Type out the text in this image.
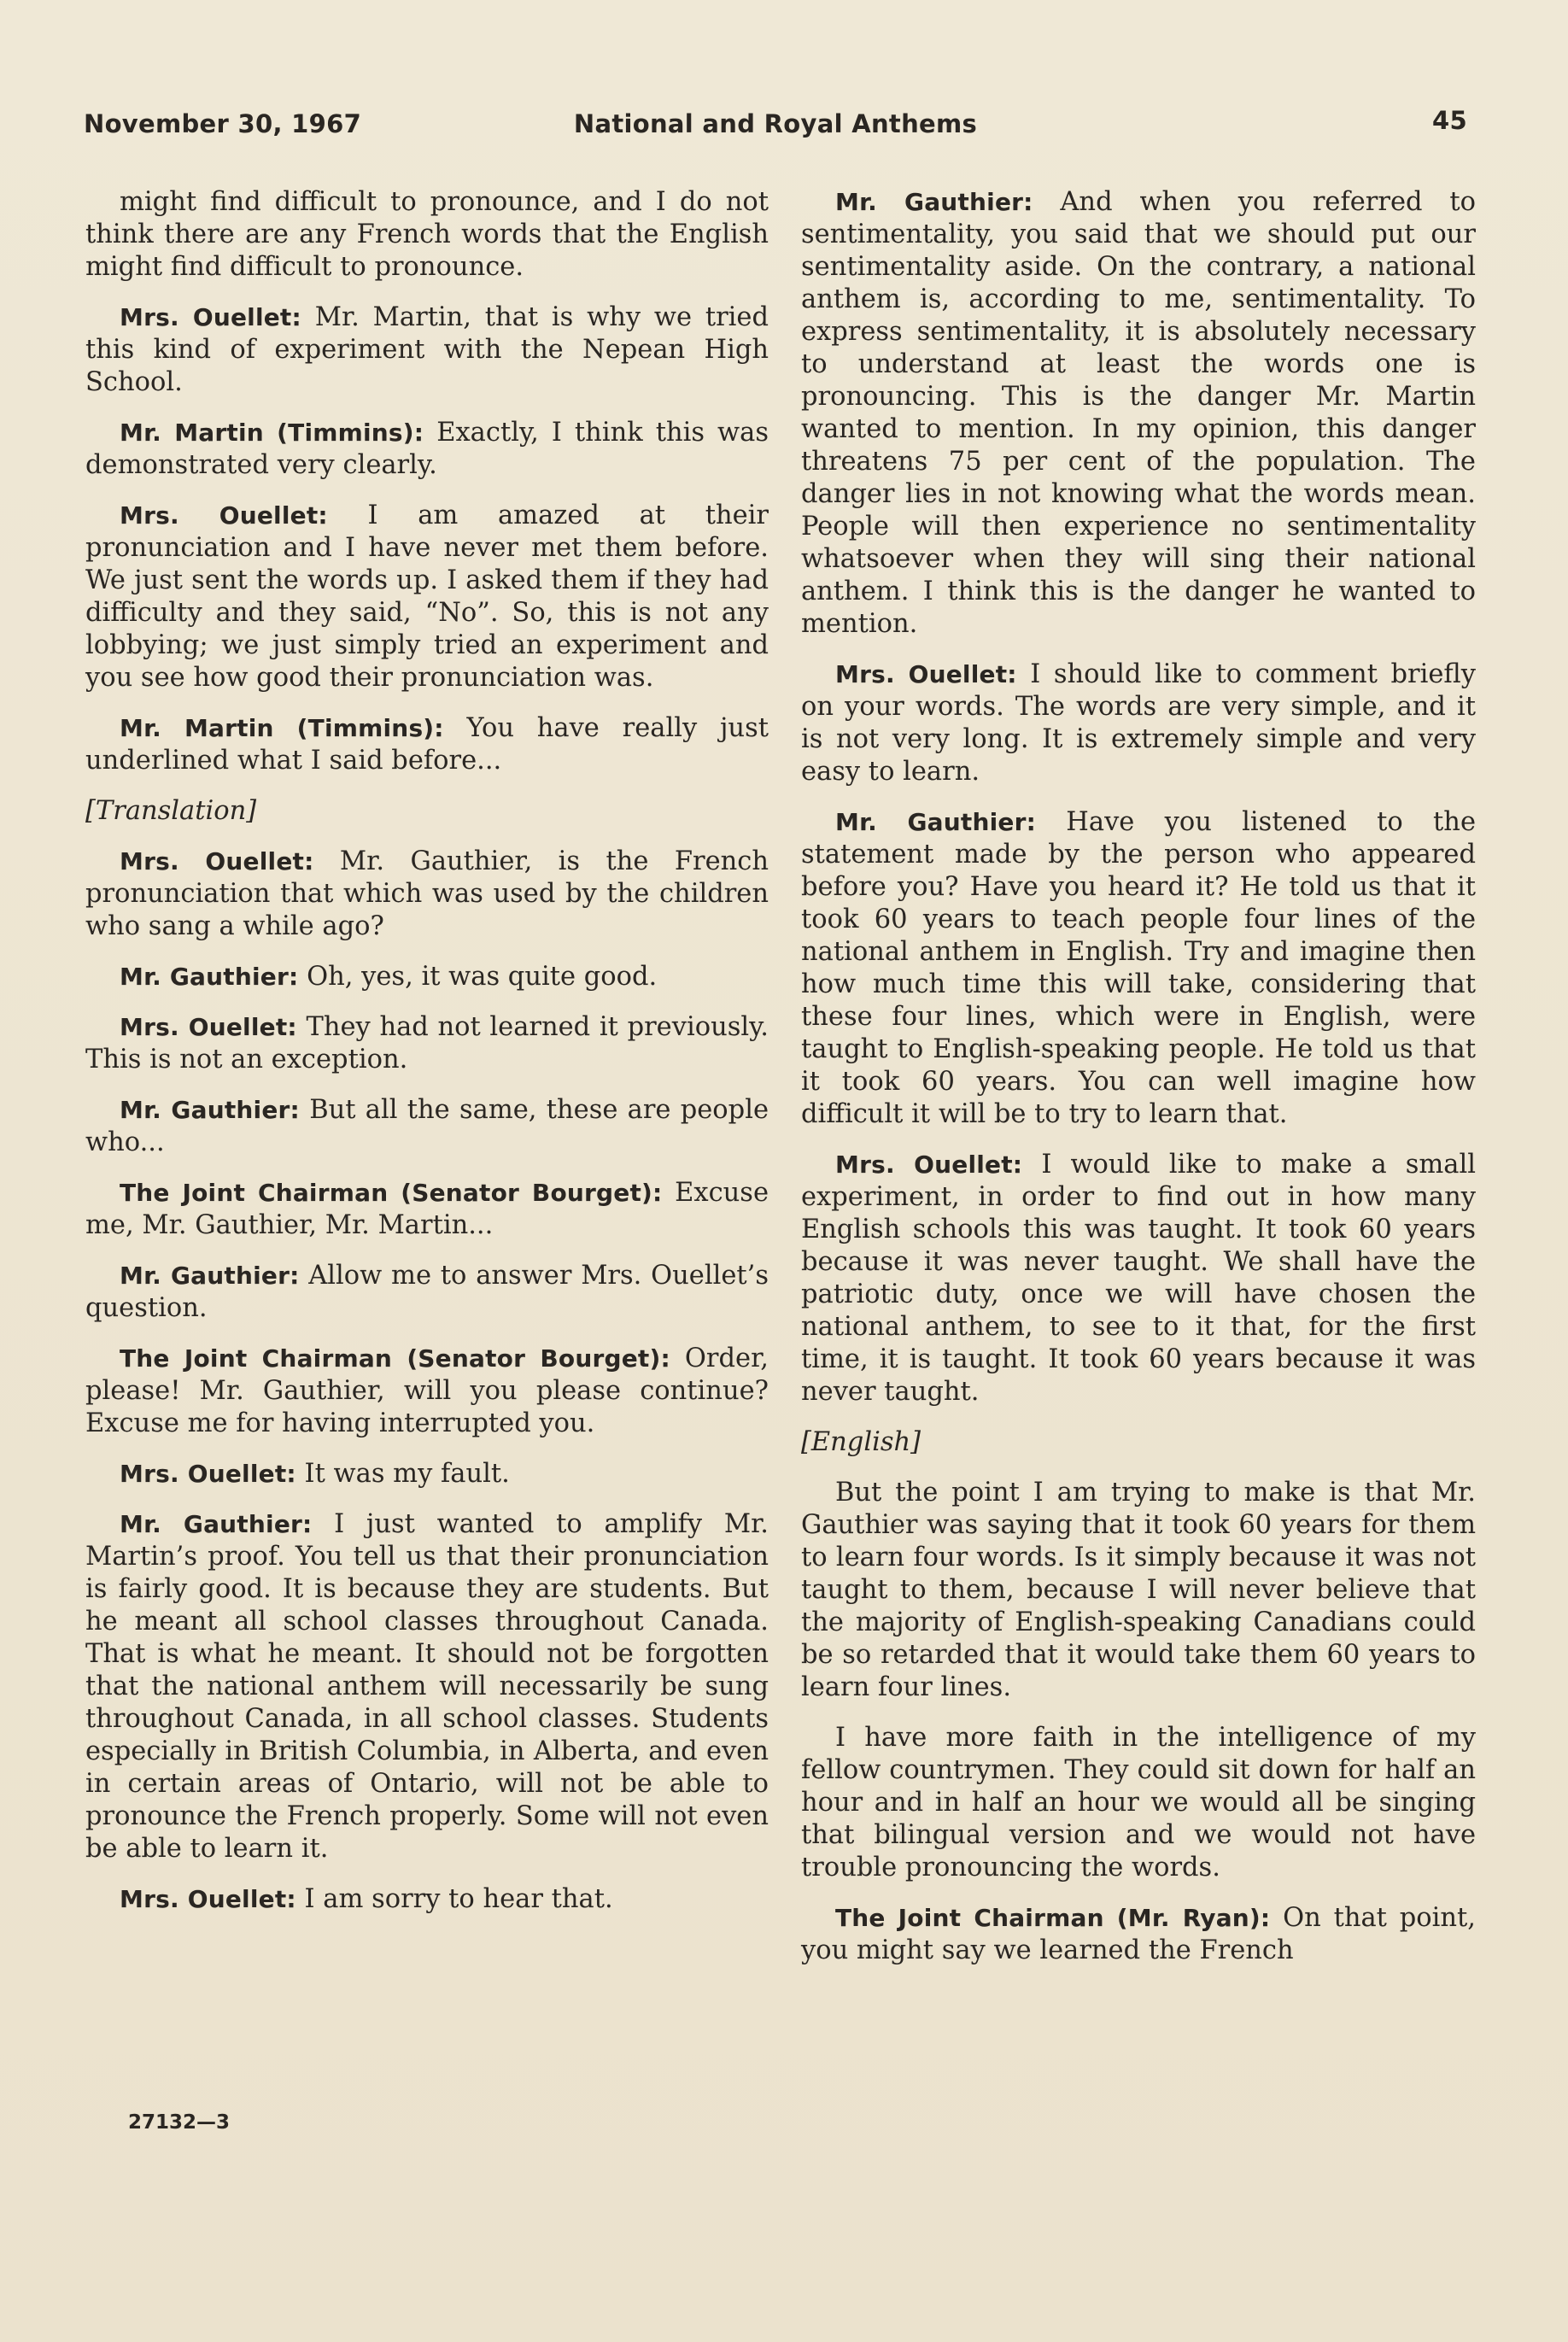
November 30, 1967	National and Royal Anthems	45

might find difficult to pronounce, and I do not think there are any French words that the English might find difficult to pronounce.

Mrs. Ouellet: Mr. Martin, that is why we tried this kind of experiment with the Nepean High School.

Mr. Martin (Timmins): Exactly, I think this was demonstrated very clearly.

Mrs. Ouellet: I am amazed at their pronunciation and I have never met them before. We just sent the words up. I asked them if they had difficulty and they said, “No”. So, this is not any lobbying; we just simply tried an experiment and you see how good their pronunciation was.

Mr. Martin (Timmins): You have really just underlined what I said before...

[Translation]

Mrs. Ouellet: Mr. Gauthier, is the French pronunciation that which was used by the children who sang a while ago?

Mr. Gauthier: Oh, yes, it was quite good.

Mrs. Ouellet: They had not learned it previously. This is not an exception.

Mr. Gauthier: But all the same, these are people who...

The Joint Chairman (Senator Bourget): Excuse me, Mr. Gauthier, Mr. Martin...

Mr. Gauthier: Allow me to answer Mrs. Ouellet’s question.

The Joint Chairman (Senator Bourget): Order, please! Mr. Gauthier, will you please continue? Excuse me for having interrupted you.

Mrs. Ouellet: It was my fault.

Mr. Gauthier: I just wanted to amplify Mr. Martin’s proof. You tell us that their pronunciation is fairly good. It is because they are students. But he meant all school classes throughout Canada. That is what he meant. It should not be forgotten that the national anthem will necessarily be sung throughout Canada, in all school classes. Students especially in British Columbia, in Alberta, and even in certain areas of Ontario, will not be able to pronounce the French properly. Some will not even be able to learn it.

Mrs. Ouellet: I am sorry to hear that.

Mr. Gauthier: And when you referred to sentimentality, you said that we should put our sentimentality aside. On the contrary, a national anthem is, according to me, sentimentality. To express sentimentality, it is absolutely necessary to understand at least the words one is pronouncing. This is the danger Mr. Martin wanted to mention. In my opinion, this danger threatens 75 per cent of the population. The danger lies in not knowing what the words mean. People will then experience no sentimentality whatsoever when they will sing their national anthem. I think this is the danger he wanted to mention.

Mrs. Ouellet: I should like to comment briefly on your words. The words are very simple, and it is not very long. It is extremely simple and very easy to learn.

Mr. Gauthier: Have you listened to the statement made by the person who appeared before you? Have you heard it? He told us that it took 60 years to teach people four lines of the national anthem in English. Try and imagine then how much time this will take, considering that these four lines, which were in English, were taught to English-speaking people. He told us that it took 60 years. You can well imagine how difficult it will be to try to learn that.

Mrs. Ouellet: I would like to make a small experiment, in order to find out in how many English schools this was taught. It took 60 years because it was never taught. We shall have the patriotic duty, once we will have chosen the national anthem, to see to it that, for the first time, it is taught. It took 60 years because it was never taught.

[English]

But the point I am trying to make is that Mr. Gauthier was saying that it took 60 years for them to learn four words. Is it simply because it was not taught to them, because I will never believe that the majority of English-speaking Canadians could be so retarded that it would take them 60 years to learn four lines.

I have more faith in the intelligence of my fellow countrymen. They could sit down for half an hour and in half an hour we would all be singing that bilingual version and we would not have trouble pronouncing the words.

The Joint Chairman (Mr. Ryan): On that point, you might say we learned the French

27132—3
